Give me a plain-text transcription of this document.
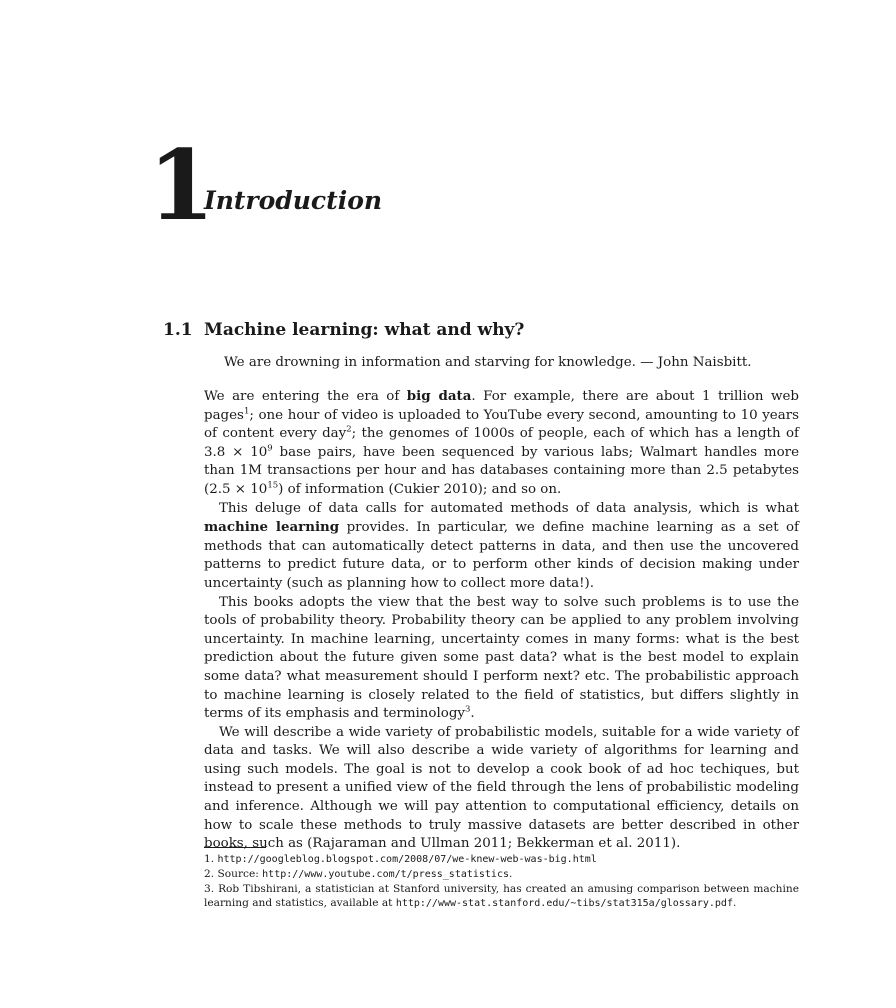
1
Introduction
1.1 Machine learning: what and why?
We are drowning in information and starving for knowledge. — John Naisbitt.

We are entering the era of big data. For example, there are about 1 trillion web pages$^1$; one hour of video is uploaded to YouTube every second, amounting to 10 years of content every day$^2$; the genomes of 1000s of people, each of which has a length of $3.8 \times 10^9$ base pairs, have been sequenced by various labs; Walmart handles more than 1M transactions per hour and has databases containing more than 2.5 petabytes $(2.5 \times 10^{15})$ of information (Cukier 2010); and so on.

This deluge of data calls for automated methods of data analysis, which is what machine learning provides. In particular, we define machine learning as a set of methods that can automatically detect patterns in data, and then use the uncovered patterns to predict future data, or to perform other kinds of decision making under uncertainty (such as planning how to collect more data!).

This books adopts the view that the best way to solve such problems is to use the tools of probability theory. Probability theory can be applied to any problem involving uncertainty. In machine learning, uncertainty comes in many forms: what is the best prediction about the future given some past data? what is the best model to explain some data? what measurement should I perform next? etc. The probabilistic approach to machine learning is closely related to the field of statistics, but differs slightly in terms of its emphasis and terminology$^3$.

We will describe a wide variety of probabilistic models, suitable for a wide variety of data and tasks. We will also describe a wide variety of algorithms for learning and using such models. The goal is not to develop a cook book of ad hoc techiques, but instead to present a unified view of the field through the lens of probabilistic modeling and inference. Although we will pay attention to computational efficiency, details on how to scale these methods to truly massive datasets are better described in other books, such as (Rajaraman and Ullman 2011; Bekkerman et al. 2011).

1. http://googleblog.blogspot.com/2008/07/we-knew-web-was-big.html

2. Source: http://www.youtube.com/t/press_statistics.

3. Rob Tibshirani, a statistician at Stanford university, has created an amusing comparison between machine learning and statistics, available at http://www-stat.stanford.edu/~tibs/stat315a/glossary.pdf.
